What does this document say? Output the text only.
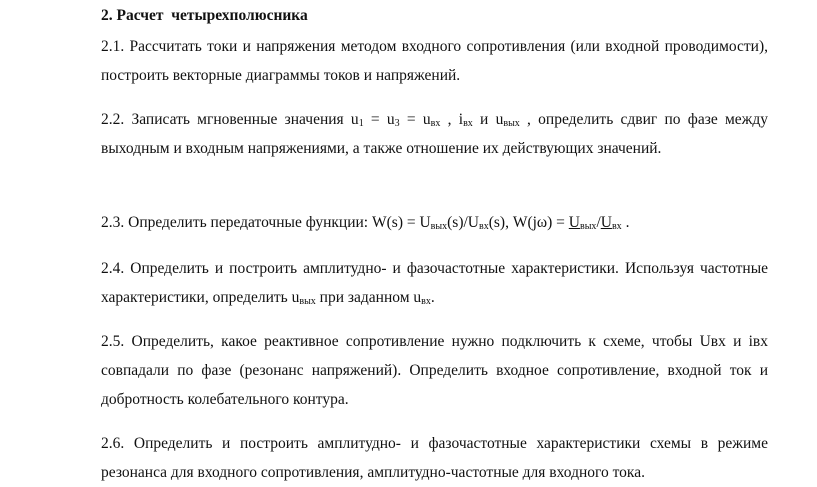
2. Расчет  четырехполюсника
2.1. Рассчитать токи и напряжения методом входного сопротивления (или входной проводимости), построить векторные диаграммы токов и напряжений.
2.2. Записать мгновенные значения $u_1 = u_3 = u_{вх}$ , $i_{вх}$ и $u_{вых}$ , определить сдвиг по фазе между выходным и входным напряжениями, а также отношение их действующих значений.
2.3. Определить передаточные функции: $W(s) = U_{вых}(s)/U_{вх}(s)$, $W(j\omega) = U_{вых}/U_{вх}$ .
2.4. Определить и построить амплитудно- и фазочастотные характеристики. Используя частотные характеристики, определить $u_{вых}$ при заданном $u_{вх}$.
2.5. Определить, какое реактивное сопротивление нужно подключить к схеме, чтобы Uвх и iвх совпадали по фазе (резонанс напряжений). Определить входное сопротивление, входной ток и добротность колебательного контура.
2.6. Определить и построить амплитудно- и фазочастотные характеристики схемы в режиме резонанса для входного сопротивления, амплитудно-частотные для входного тока.
